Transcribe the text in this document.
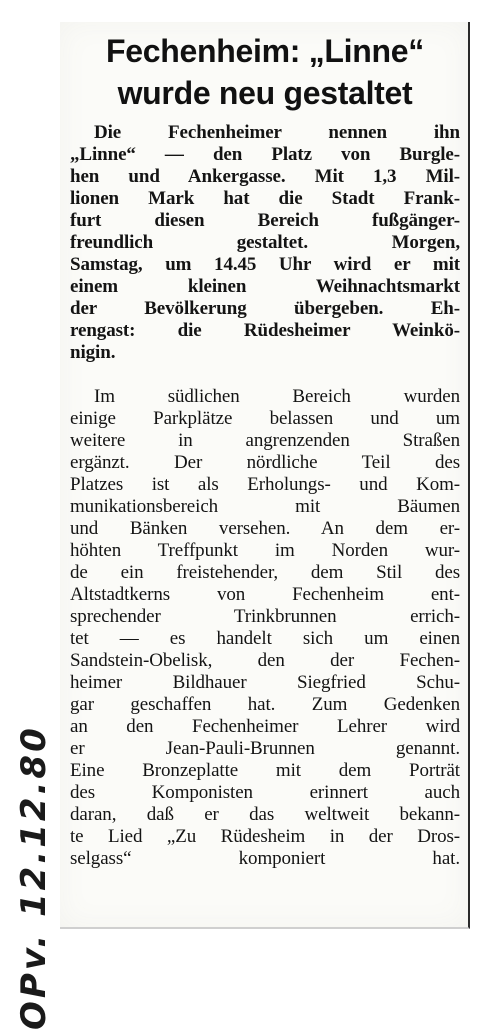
OPv. 12.12.80
Fechenheim: „Linne“
wurde neu gestaltet

Die Fechenheimer nennen ihn
„Linne“ — den Platz von Burgle-
hen und Ankergasse. Mit 1,3 Mil-
lionen Mark hat die Stadt Frank-
furt diesen Bereich fußgänger-
freundlich gestaltet. Morgen,
Samstag, um 14.45 Uhr wird er mit
einem kleinen Weihnachtsmarkt
der Bevölkerung übergeben. Eh-
rengast: die Rüdesheimer Weinkö-
nigin.

Im südlichen Bereich wurden
einige Parkplätze belassen und um
weitere in angrenzenden Straßen
ergänzt. Der nördliche Teil des
Platzes ist als Erholungs- und Kom-
munikationsbereich mit Bäumen
und Bänken versehen. An dem er-
höhten Treffpunkt im Norden wur-
de ein freistehender, dem Stil des
Altstadtkerns von Fechenheim ent-
sprechender Trinkbrunnen errich-
tet — es handelt sich um einen
Sandstein-Obelisk, den der Fechen-
heimer Bildhauer Siegfried Schu-
gar geschaffen hat. Zum Gedenken
an den Fechenheimer Lehrer wird
er Jean-Pauli-Brunnen genannt.
Eine Bronzeplatte mit dem Porträt
des Komponisten erinnert auch
daran, daß er das weltweit bekann-
te Lied „Zu Rüdesheim in der Dros-
selgass“ komponiert hat.
